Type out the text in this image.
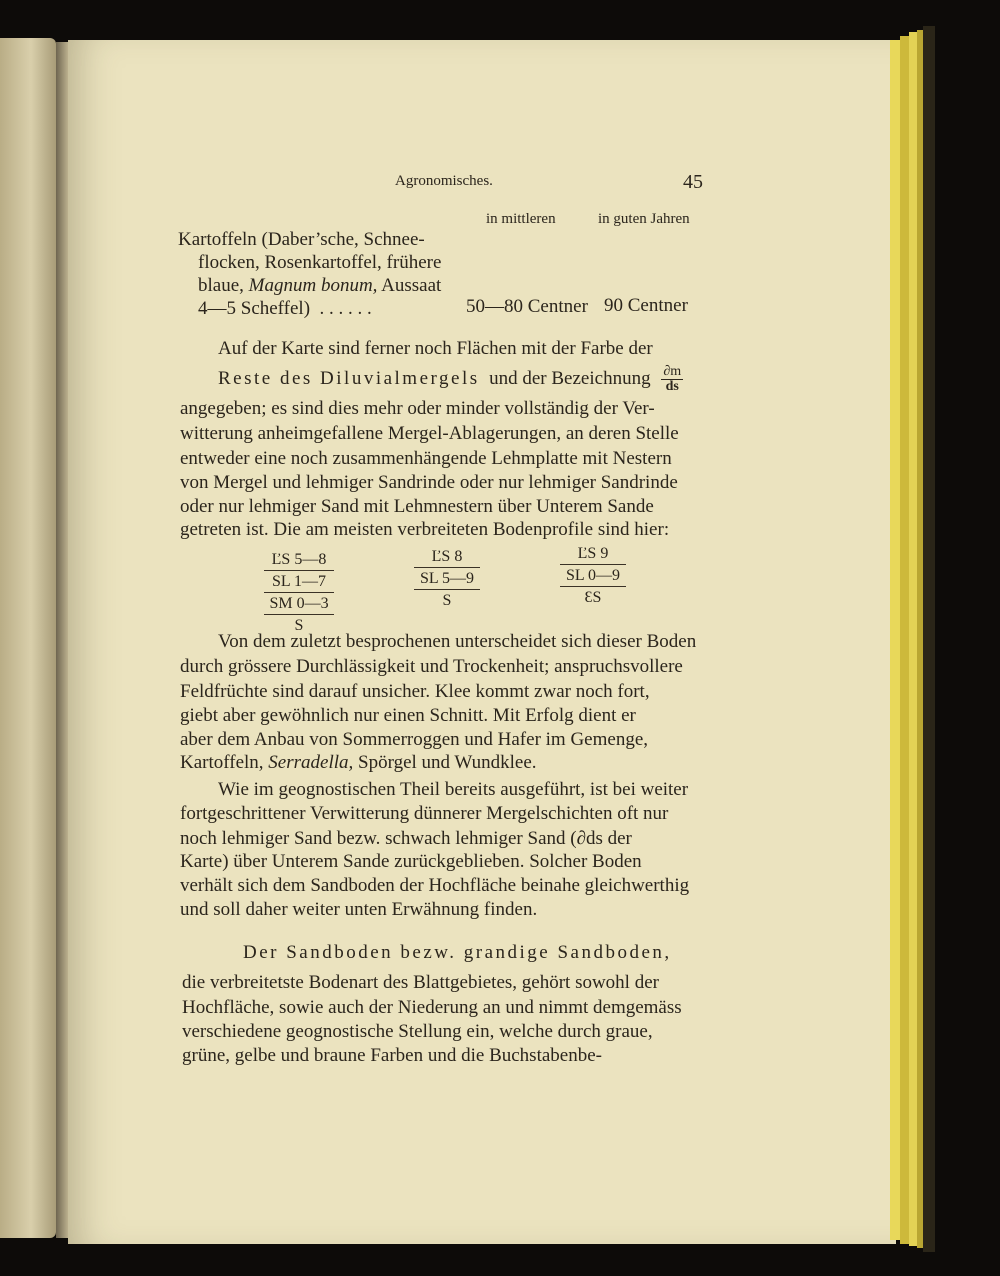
Agronomisches.	45
in mittleren	in guten Jahren
Kartoffeln (Daber’sche, Schnee-
flocken, Rosenkartoffel, frühere
blaue, Magnum bonum, Aussaat
4—5 Scheffel) . . . . . .	50—80 Centner 90 Centner
Auf der Karte sind ferner noch Flächen mit der Farbe der
Reste des Diluvialmergels und der Bezeichnung $\frac{\partial m}{ds}$
angegeben; es sind dies mehr oder minder vollständig der Ver-
witterung anheimgefallene Mergel-Ablagerungen, an deren Stelle
entweder eine noch zusammenhängende Lehmplatte mit Nestern
von Mergel und lehmiger Sandrinde oder nur lehmiger Sandrinde
oder nur lehmiger Sand mit Lehmnestern über Unterem Sande
getreten ist. Die am meisten verbreiteten Bodenprofile sind hier:
ĽS 5—8
SL 1—7
SM 0—3
S
ĽS 8
SL 5—9
S
ĽS 9
SL 0—9
ƐS
Von dem zuletzt besprochenen unterscheidet sich dieser Boden
durch grössere Durchlässigkeit und Trockenheit; anspruchsvollere
Feldfrüchte sind darauf unsicher. Klee kommt zwar noch fort,
giebt aber gewöhnlich nur einen Schnitt. Mit Erfolg dient er
aber dem Anbau von Sommerroggen und Hafer im Gemenge,
Kartoffeln, Serradella, Spörgel und Wundklee.
Wie im geognostischen Theil bereits ausgeführt, ist bei weiter
fortgeschrittener Verwitterung dünnerer Mergelschichten oft nur
noch lehmiger Sand bezw. schwach lehmiger Sand (∂ds der
Karte) über Unterem Sande zurückgeblieben. Solcher Boden
verhält sich dem Sandboden der Hochfläche beinahe gleichwerthig
und soll daher weiter unten Erwähnung finden.
Der Sandboden bezw. grandige Sandboden,
die verbreitetste Bodenart des Blattgebietes, gehört sowohl der
Hochfläche, sowie auch der Niederung an und nimmt demgemäss
verschiedene geognostische Stellung ein, welche durch graue,
grüne, gelbe und braune Farben und die Buchstabenbe-
